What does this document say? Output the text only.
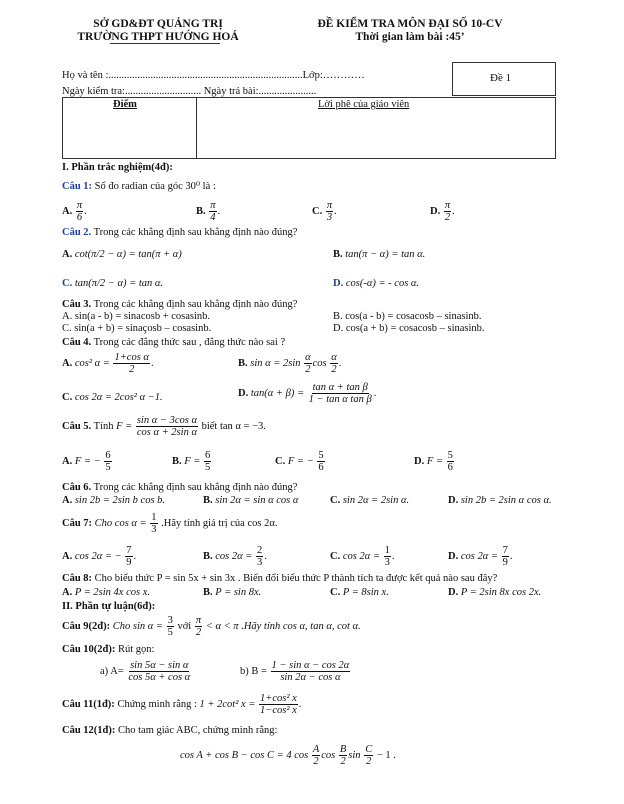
SỞ GD&ĐT QUẢNG TRỊ
TRƯỜNG THPT HƯỚNG HOÁ
ĐỀ KIỂM TRA MÔN ĐẠI SỐ 10-CV
Thời gian làm bài :45’
Họ và tên :..........................................................................Lớp:…………
Ngày kiểm tra:............................. Ngày trả bài:......................
Đề 1
Điểm	Lời phê của giáo viên
I. Phần trắc nghiệm(4đ):
Câu 1: Số đo radian của góc 30⁰ là :
A. $\frac{\pi}{6}$ .	B. $\frac{\pi}{4}$ .	C. $\frac{\pi}{3}$ .	D. $\frac{\pi}{2}$ .
Câu 2. Trong các khẳng định sau khẳng định nào đúng?
A. cot(π/2 − α) = tan(π + α)	B. tan(π − α) = tan α.
C. tan(π/2 − α) = tan α.	D. cos(-α) = - cos α.
Câu 3. Trong các khẳng định sau khẳng định nào đúng?
A. sin(a - b) = sinacosb + cosasinb.	B. cos(a - b) = cosacosb – sinasinb.
C. sin(a + b) = sinaçosb – cosasinb.	D. cos(a + b) = cosacosb – sinasinb.
Câu 4. Trong các đẳng thức sau , đẳng thức nào sai ?
A. cos² $\alpha = \frac{\text{1+cos α}}{2}$ .	B. $\sin \alpha = 2\sin \frac{\alpha}{2}$ $\cos \frac{\alpha}{2}$ .
C. cos 2α = 2cos² α −1.	D. $\tan(\alpha + \beta) = \frac{\text{tan α + tan β}}{\text{1 − tan α tan β}}$ .
Câu 5. Tính $F = \frac{\text{sin α − 3cos α}}{\text{cos α + 2sin α}}$ biết tan α = −3.
A. F = − $\frac{6}{5}$	B. $F = \frac{6}{5}$	C. F = − $\frac{5}{6}$	D. $F = \frac{5}{6}$
Câu 6. Trong các khẳng định sau khẳng định nào đúng?
A. sin 2b = 2sin b cos b.	B. sin 2α = sin α cos α	C. sin 2α = 2sin α.	D. sin 2b = 2sin α cos α.
Câu 7: Cho $\cos \alpha = \frac{1}{3}$ .Hãy tính giá trị của cos 2α.
A. cos 2α = − $\frac{7}{9}$ .	B. $\cos 2\alpha = \frac{2}{3}$ .	C. $\cos 2\alpha = \frac{1}{3}$ .	D. $\cos 2\alpha = \frac{7}{9}$ .
Câu 8: Cho biểu thức P = sin 5x + sin 3x . Biến đổi biểu thức P thành tích ta được kết quả nào sau đây?
A. P = 2sin 4x cos x.	B. P = sin 8x.	C. P = 8sin x.	D. P = 2sin 8x cos 2x.
II. Phần tự luận(6đ):
Câu 9(2đ): Cho $\sin \alpha = \frac{3}{5}$ với $\frac{\pi}{2} < \alpha < \pi$ .Hãy tính cos α, tan α, cot α.
Câu 10(2đ): Rút gọn:
a) $A= \frac{\text{sin 5α − sin α}}{\text{cos 5α + cos α}}$	b) $B = \frac{\text{1 − sin α − cos 2α}}{\text{sin 2α − cos α}}$
Câu 11(1đ): Chứng minh rằng : 1 + 2cot² $x = \frac{\text{1+cos² x}}{\text{1−cos² x}}$ .
Câu 12(1đ): Cho tam giác ABC, chứng minh rằng:
cos A + cos B − cos C = 4 $\cos \frac{A}{2}$ $\cos \frac{B}{2}$ $\sin \frac{C}{2} - 1$ .
